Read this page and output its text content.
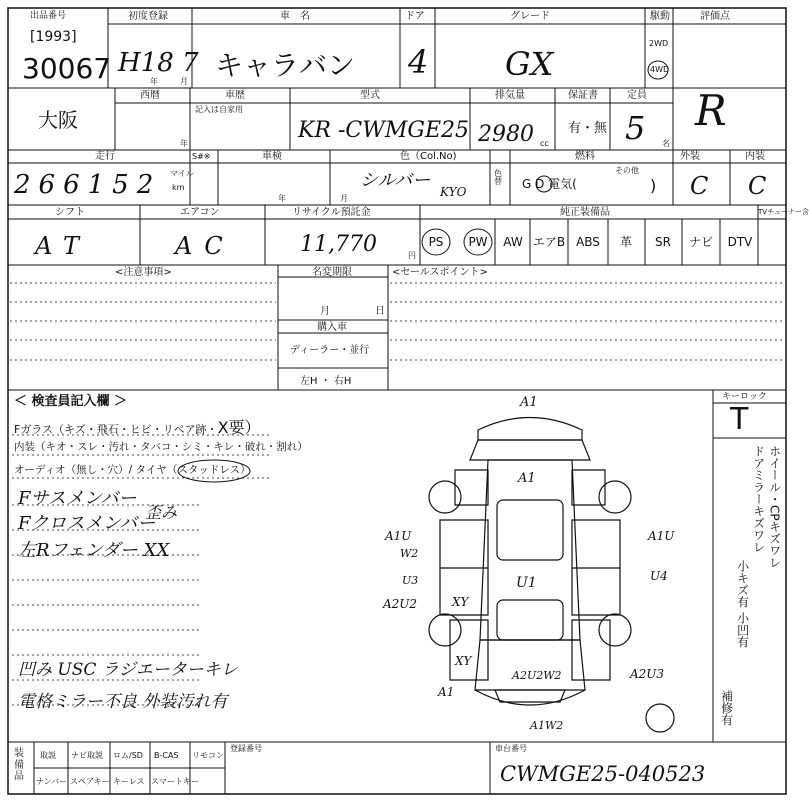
出品番号
[1993]
30067
初度登録
H18 7
年	月
車　名
キャラバン
ドア
4
グレード
GX
駆動
2WD
4WD
評価点
R
大阪
西暦	車歴
記入は自家用
年
型式
KR -CWMGE25
排気量
2980 cc
保証書
有・無
定員
5 名
走行
266152 マイル
km
S#※	車検
年	月
色（Col.No)
シルバー
KYO
色替
燃料
G D 電気(
その他
)
外装
C
内装
C
シフト
AT
エアコン
AC
リサイクル預託金
11,770	円
純正装備品	TVチューナー含
PS PW AW エアB ABS 革 SR ナビ DTV
<注意事項>	名変期限
月	日
購入車
ディーラー・並行
左H ・ 右H
<セールスポイント>
＜ 検査員記入欄 ＞
Fガラス（キズ・飛石・ヒビ・リペア跡・X要）
内装（キオ・スレ・汚れ・タバコ・シミ・キレ・破れ・割れ）
オーディオ（無し・穴）/ タイヤ（スタッドレス）
Fサスメンバー
歪み
Fクロスメンバー
左Rフェンダー XX
凹み USC ラジエーターキレ
電格ミラー不良 外装汚れ有
A1
A1
A1U
W2
U3
A2U2	XY
A1U
U4
U1
A2U2W2	A2U3
A1
XY
A1W2
キーロック
T
ホイール・CPキズワレ
ドアミラーキズワレ
小キズ有 小凹有
補修有
装備品
取説 ナビ取説 ロム/SD B-CAS リモコン
ナンバー スペアキー キーレス スマートキー
登録番号	車台番号
CWMGE25-040523
